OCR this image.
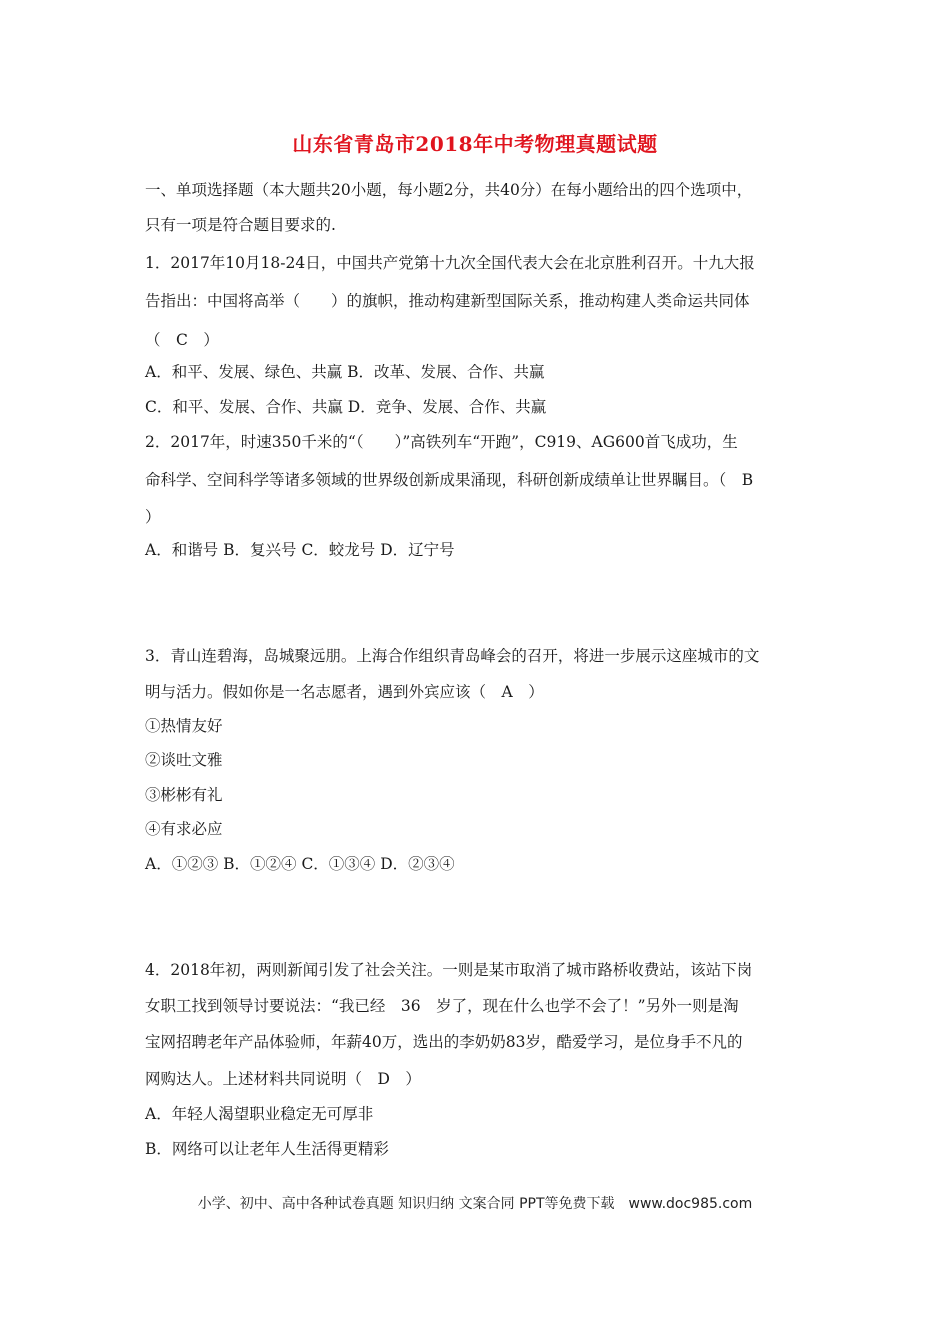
山东省青岛市2018年中考物理真题试题
一、单项选择题（本大题共20小题，每小题2分，共40分）在每小题给出的四个选项中，
只有一项是符合题目要求的.
1．2017年10月18-24日，中国共产党第十九次全国代表大会在北京胜利召开。十九大报
告指出：中国将高举（　　）的旗帜，推动构建新型国际关系，推动构建人类命运共同体
（　C　）
A．和平、发展、绿色、共赢 B．改革、发展、合作、共赢
C．和平、发展、合作、共赢 D．竞争、发展、合作、共赢
2．2017年，时速350千米的“（　　）”高铁列车“开跑”，C919、AG600首飞成功，生
命科学、空间科学等诸多领域的世界级创新成果涌现，科研创新成绩单让世界瞩目。（　B
）
A．和谐号 B．复兴号 C．蛟龙号 D．辽宁号
3．青山连碧海，岛城聚远朋。上海合作组织青岛峰会的召开，将进一步展示这座城市的文
明与活力。假如你是一名志愿者，遇到外宾应该（　A　）
①热情友好
②谈吐文雅
③彬彬有礼
④有求必应
A．①②③ B．①②④ C．①③④ D．②③④
4．2018年初，两则新闻引发了社会关注。一则是某市取消了城市路桥收费站，该站下岗
女职工找到领导讨要说法：“我已经　36　岁了，现在什么也学不会了！”另外一则是淘
宝网招聘老年产品体验师，年薪40万，选出的李奶奶83岁，酷爱学习，是位身手不凡的
网购达人。上述材料共同说明（　D　）
A．年轻人渴望职业稳定无可厚非
B．网络可以让老年人生活得更精彩
小学、初中、高中各种试卷真题 知识归纳 文案合同 PPT等免费下载　www.doc985.com
